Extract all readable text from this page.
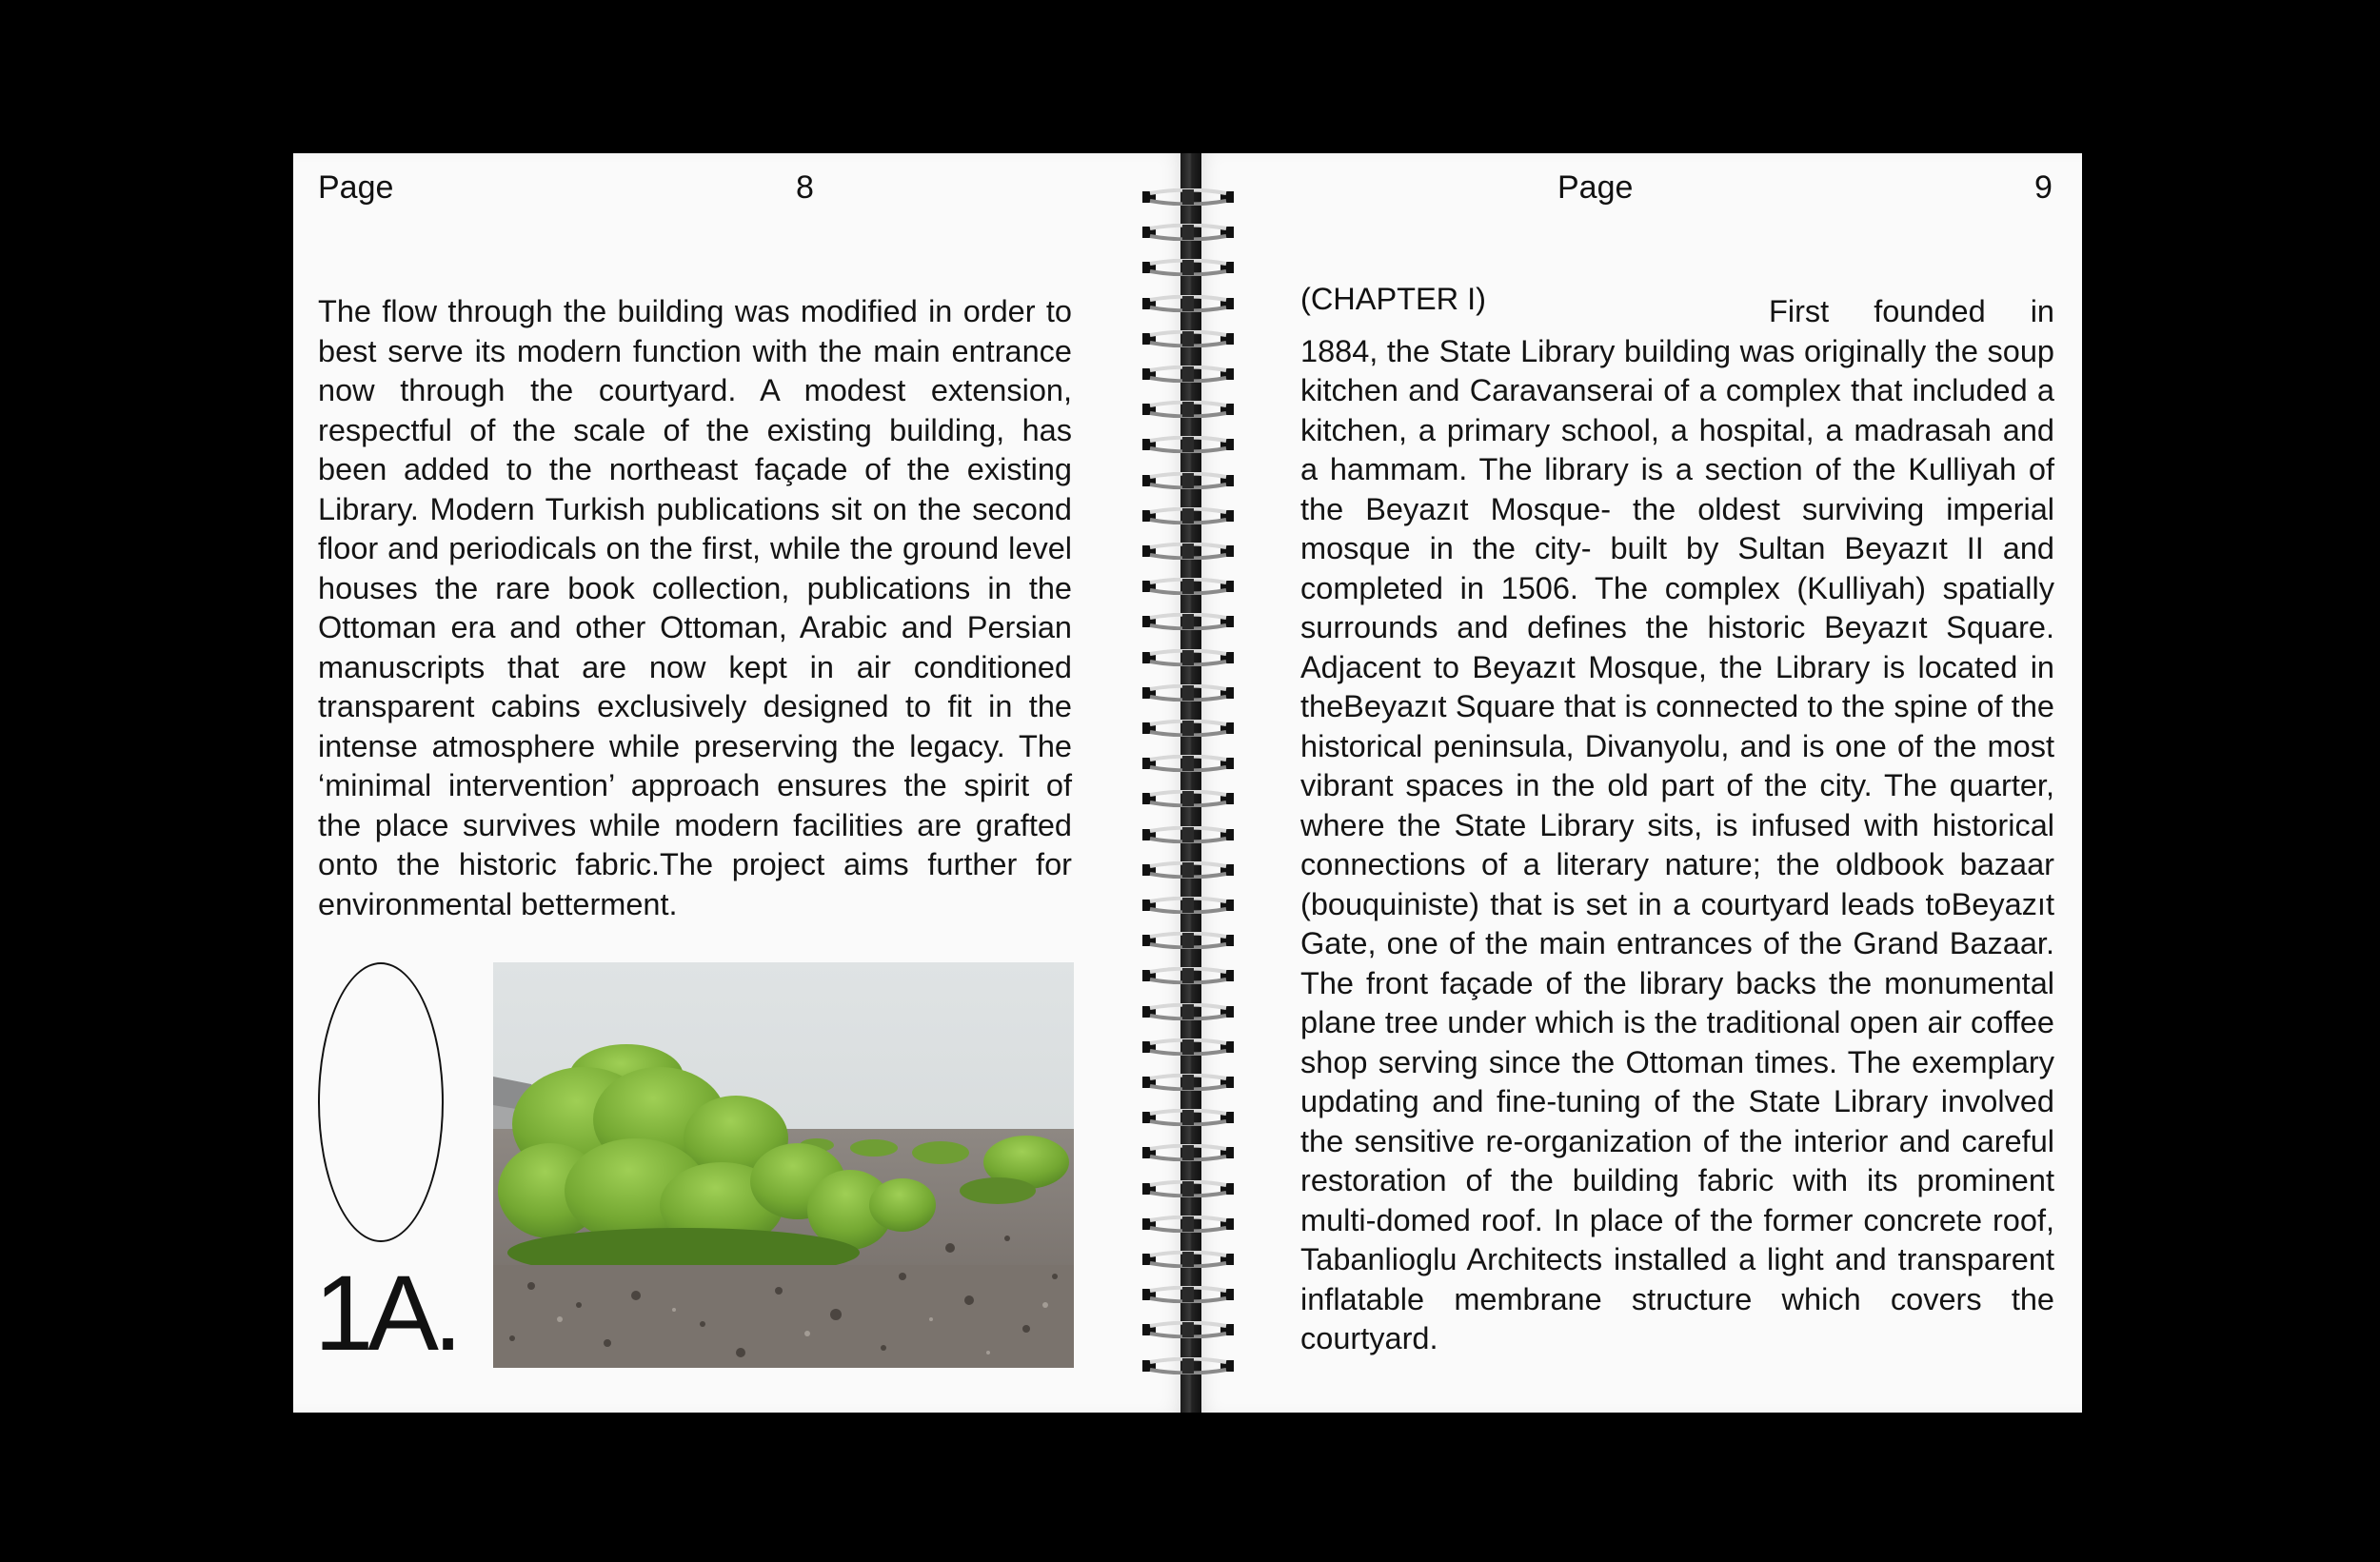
Page	8	Page	9

The flow through the building was modified in order to best serve its modern function with the main entrance now through the courtyard. A modest extension, respectful of the scale of the existing building, has been added to the northeast façade of the existing Library. Modern Turkish publications sit on the second floor and periodicals on the first, while the ground level houses the rare book collection, publications in the Ottoman era and other Ottoman, Arabic and Persian manuscripts that are now kept in air conditioned transparent cabins exclusively designed to fit in the intense atmosphere while preserving the legacy. The ‘minimal intervention’ approach ensures the spirit of the place survives while modern facilities are grafted onto the historic fabric.The project aims further for environmental betterment.

1A.
(CHAPTER I)	First founded in 1884, the State Library building was originally the soup kitchen and Caravanserai of a complex that included a kitchen, a primary school, a hospital, a madrasah and a hammam. The library is a section of the Kulliyah of the Beyazıt Mosque- the oldest surviving imperial mosque in the city- built by Sultan Beyazıt II and completed in 1506. The complex (Kulliyah) spatially surrounds and defines the historic Beyazıt Square. Adjacent to Beyazıt Mosque, the Library is located in theBeyazıt Square that is connected to the spine of the historical peninsula, Divanyolu, and is one of the most vibrant spaces in the old part of the city. The quarter, where the State Library sits, is infused with historical connections of a literary nature; the oldbook bazaar (bouquiniste) that is set in a courtyard leads toBeyazıt Gate, one of the main entrances of the Grand Bazaar. The front façade of the library backs the monumental plane tree under which is the traditional open air coffee shop serving since the Ottoman times. The exemplary updating and fine-tuning of the State Library involved the sensitive re-organization of the interior and careful restoration of the building fabric with its prominent multi-domed roof. In place of the former concrete roof, Tabanlioglu Architects installed a light and transparent inflatable membrane structure which covers the courtyard.
